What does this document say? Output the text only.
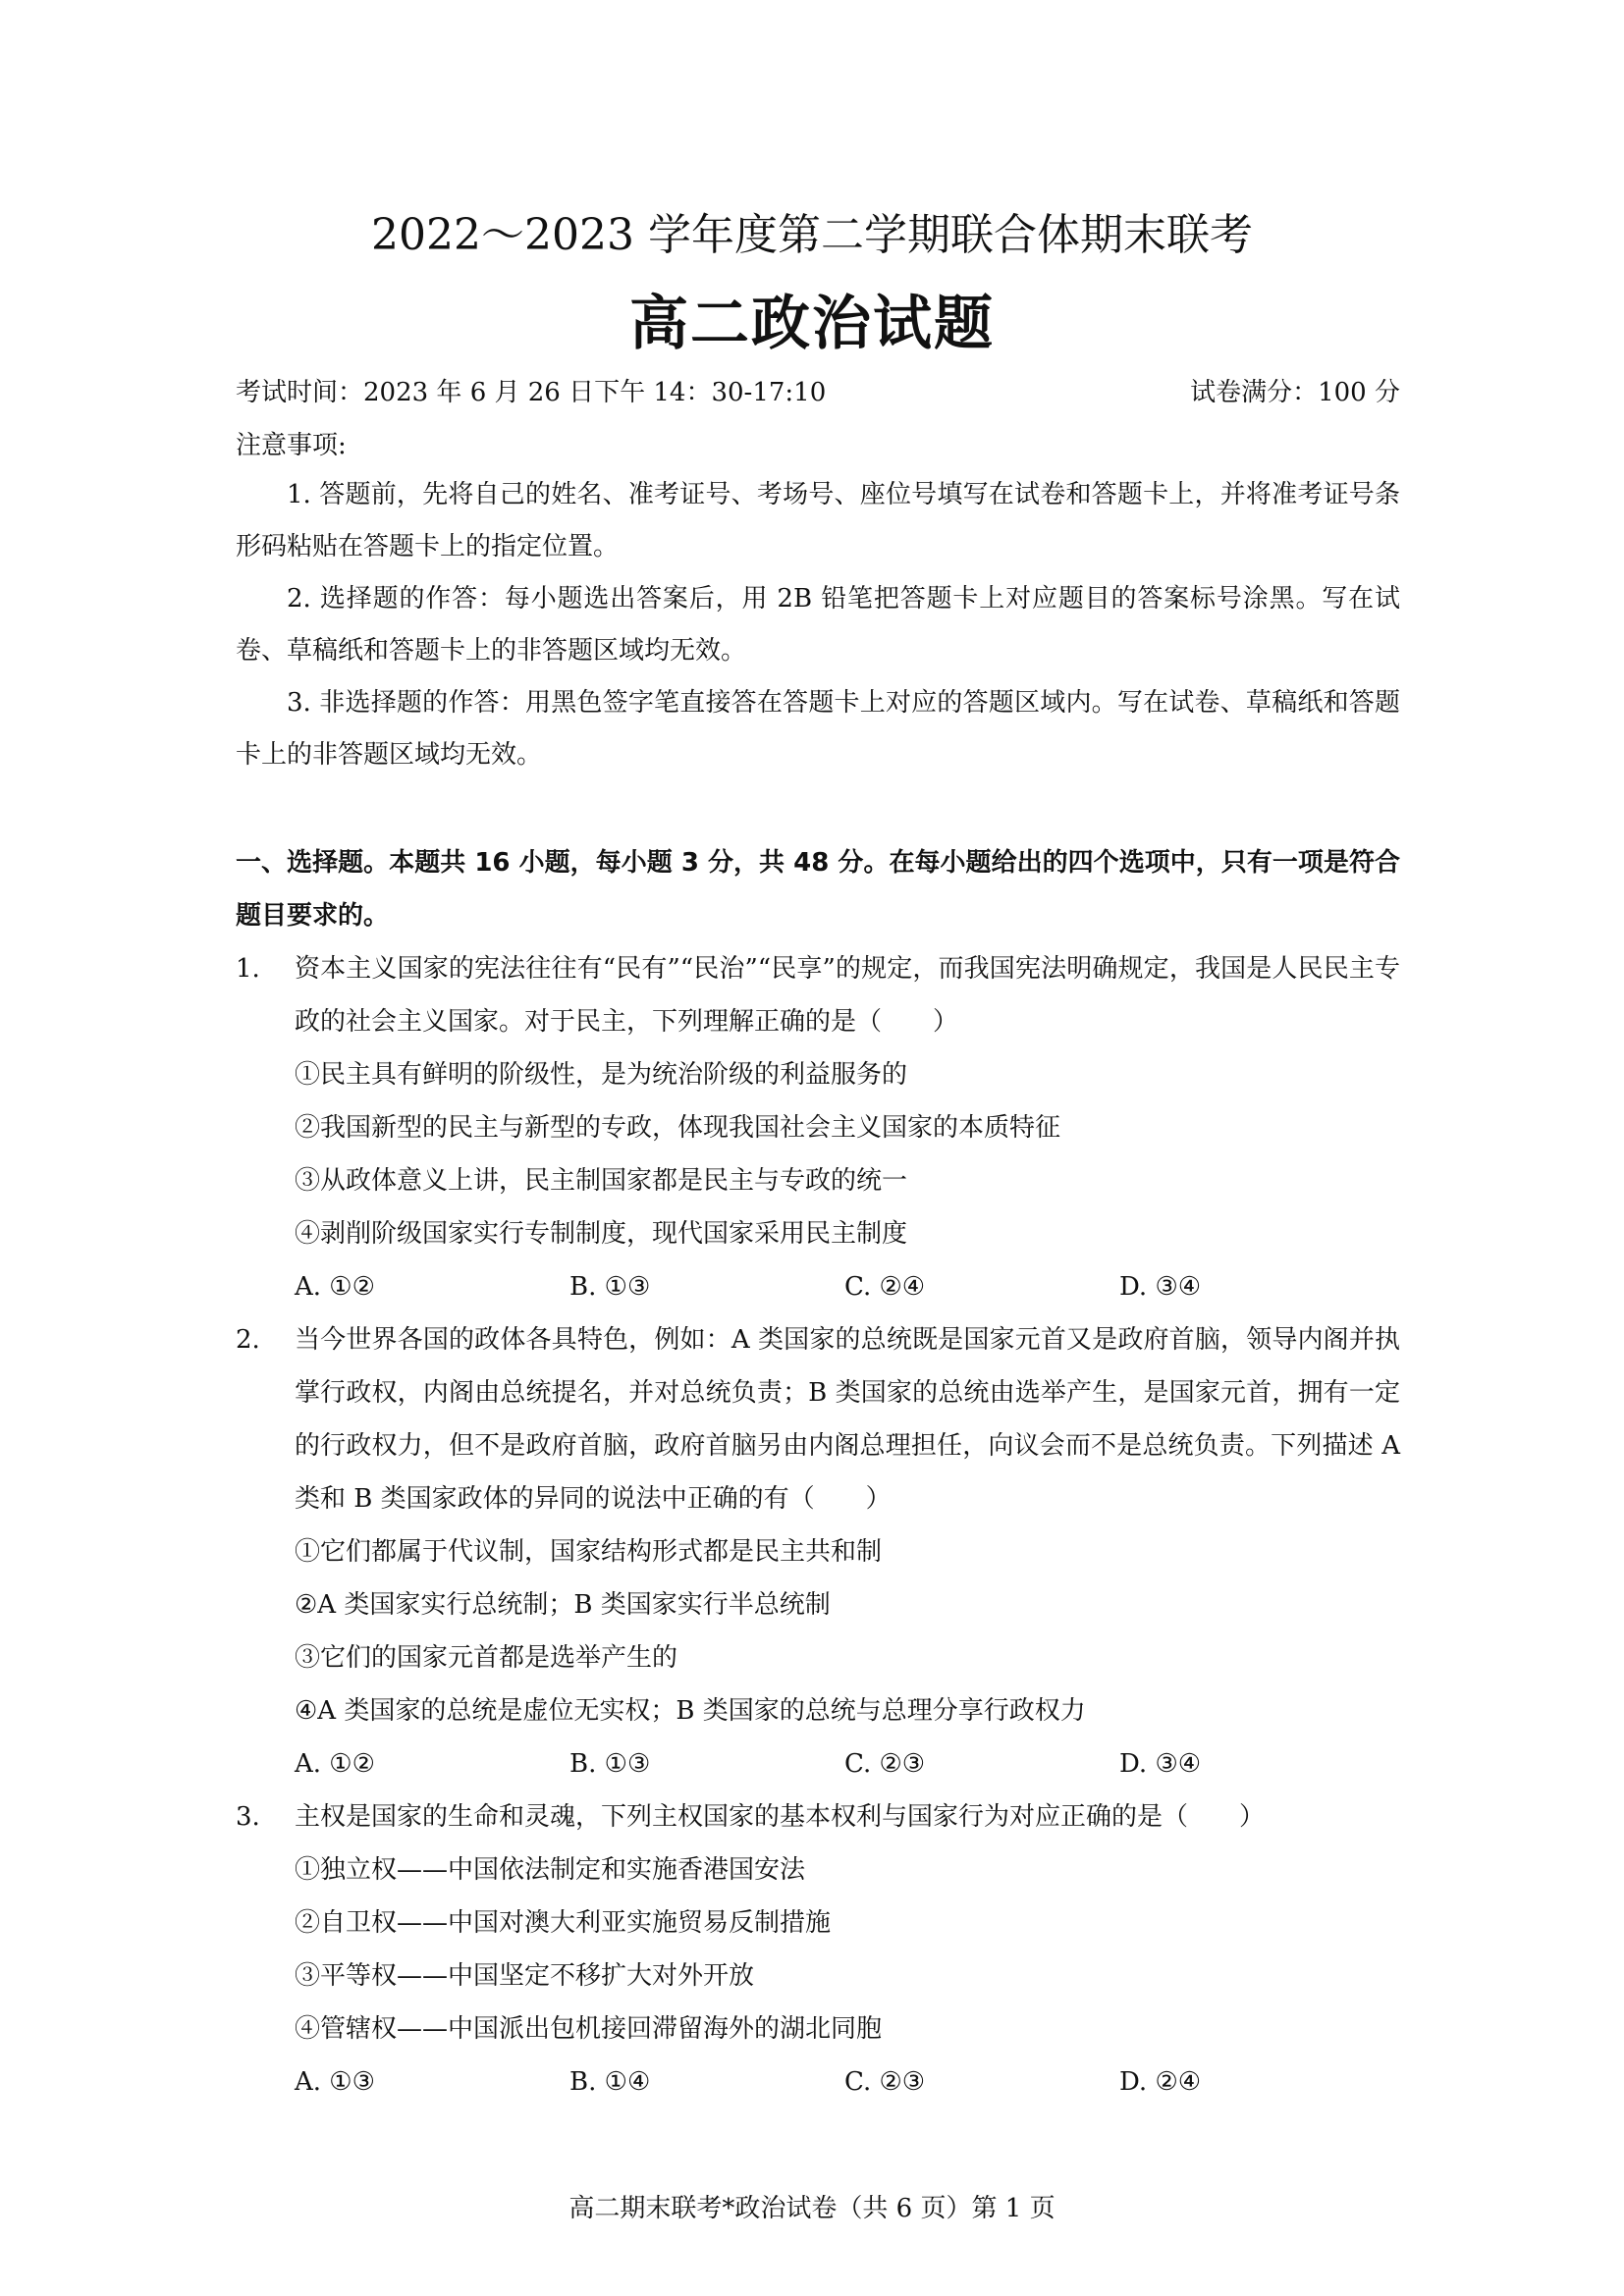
2022～2023 学年度第二学期联合体期末联考
高二政治试题
考试时间：2023 年 6 月 26 日下午 14：30-17:10	试卷满分：100 分
注意事项:
1. 答题前，先将自己的姓名、准考证号、考场号、座位号填写在试卷和答题卡上，并将准考证号条形码粘贴在答题卡上的指定位置。
2. 选择题的作答：每小题选出答案后，用 2B 铅笔把答题卡上对应题目的答案标号涂黑。写在试卷、草稿纸和答题卡上的非答题区域均无效。
3. 非选择题的作答：用黑色签字笔直接答在答题卡上对应的答题区域内。写在试卷、草稿纸和答题卡上的非答题区域均无效。
一、选择题。本题共 16 小题，每小题 3 分，共 48 分。在每小题给出的四个选项中，只有一项是符合题目要求的。
1.	资本主义国家的宪法往往有“民有”“民治”“民享”的规定，而我国宪法明确规定，我国是人民民主专政的社会主义国家。对于民主，下列理解正确的是（　　）
①民主具有鲜明的阶级性，是为统治阶级的利益服务的
②我国新型的民主与新型的专政，体现我国社会主义国家的本质特征
③从政体意义上讲，民主制国家都是民主与专政的统一
④剥削阶级国家实行专制制度，现代国家采用民主制度
A. ①②	B. ①③	C. ②④	D. ③④
2.	当今世界各国的政体各具特色，例如：A 类国家的总统既是国家元首又是政府首脑，领导内阁并执掌行政权，内阁由总统提名，并对总统负责；B 类国家的总统由选举产生，是国家元首，拥有一定的行政权力，但不是政府首脑，政府首脑另由内阁总理担任，向议会而不是总统负责。下列描述 A 类和 B 类国家政体的异同的说法中正确的有（　　）
①它们都属于代议制，国家结构形式都是民主共和制
②A 类国家实行总统制；B 类国家实行半总统制
③它们的国家元首都是选举产生的
④A 类国家的总统是虚位无实权；B 类国家的总统与总理分享行政权力
A. ①②	B. ①③	C. ②③	D. ③④
3.	主权是国家的生命和灵魂，下列主权国家的基本权利与国家行为对应正确的是（　　）
①独立权——中国依法制定和实施香港国安法
②自卫权——中国对澳大利亚实施贸易反制措施
③平等权——中国坚定不移扩大对外开放
④管辖权——中国派出包机接回滞留海外的湖北同胞
A. ①③	B. ①④	C. ②③	D. ②④
高二期末联考*政治试卷（共 6 页）第 1 页
